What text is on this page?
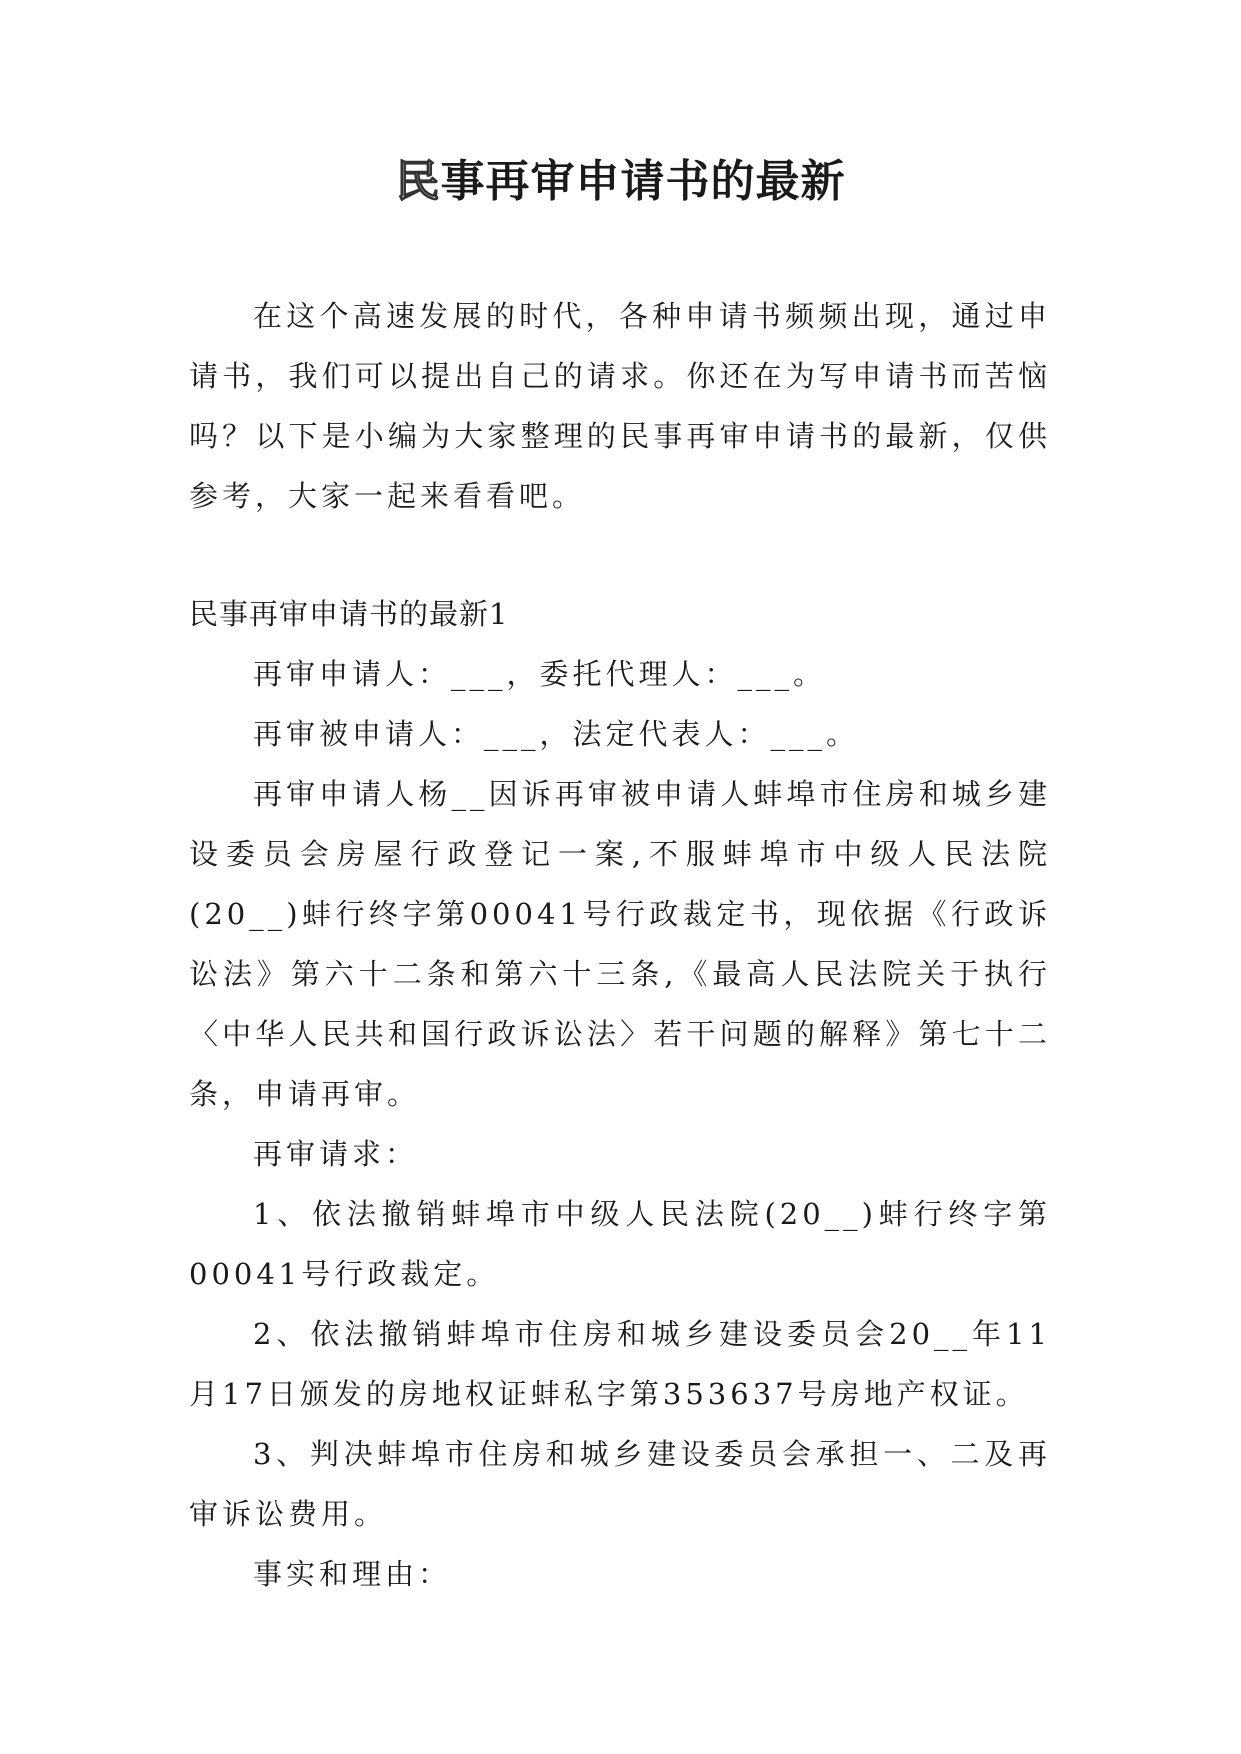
民事再审申请书的最新

在这个高速发展的时代，各种申请书频频出现，通过申请书，我们可以提出自己的请求。你还在为写申请书而苦恼吗？以下是小编为大家整理的民事再审申请书的最新，仅供参考，大家一起来看看吧。

民事再审申请书的最新1

再审申请人：___，委托代理人：___。

再审被申请人：___，法定代表人：___。

再审申请人杨__因诉再审被申请人蚌埠市住房和城乡建设委员会房屋行政登记一案,不服蚌埠市中级人民法院(20__)蚌行终字第00041号行政裁定书，现依据《行政诉讼法》第六十二条和第六十三条,《最高人民法院关于执行〈中华人民共和国行政诉讼法〉若干问题的解释》第七十二条，申请再审。

再审请求：

1、依法撤销蚌埠市中级人民法院(20__)蚌行终字第00041号行政裁定。

2、依法撤销蚌埠市住房和城乡建设委员会20__年11月17日颁发的房地权证蚌私字第353637号房地产权证。

3、判决蚌埠市住房和城乡建设委员会承担一、二及再审诉讼费用。

事实和理由：
